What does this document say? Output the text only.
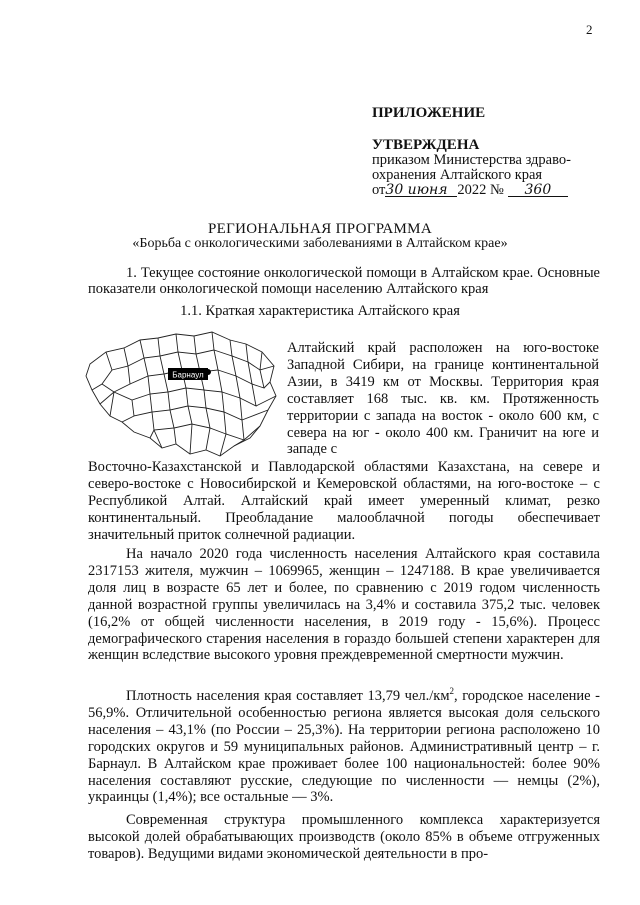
2
ПРИЛОЖЕНИЕ
УТВЕРЖДЕНА
приказом Министерства здраво-
охранения Алтайского края
от30 июня 2022 № 360
РЕГИОНАЛЬНАЯ ПРОГРАММА
«Борьба с онкологическими заболеваниями в Алтайском крае»
1. Текущее состояние онкологической помощи в Алтайском крае. Основные показатели онкологической помощи населению Алтайского края
1.1. Краткая характеристика Алтайского края
Барнаул

Алтайский край расположен на юго-востоке Западной Сибири, на границе континентальной Азии, в 3419 км от Москвы. Территория края составляет 168 тыс. кв. км. Протяженность территории с запада на восток - около 600 км, с севера на юг - около 400 км. Граничит на юге и западе с

Восточно-Казахстанской и Павлодарской областями Казахстана, на севере и северо-востоке с Новосибирской и Кемеровской областями, на юго-востоке – с Республикой Алтай. Алтайский край имеет умеренный климат, резко континентальный. Преобладание малооблачной погоды обеспечивает значительный приток солнечной радиации.

На начало 2020 года численность населения Алтайского края составила 2317153 жителя, мужчин – 1069965, женщин – 1247188. В крае увеличивается доля лиц в возрасте 65 лет и более, по сравнению с 2019 годом численность данной возрастной группы увеличилась на 3,4% и составила 375,2 тыс. человек (16,2% от общей численности населения, в 2019 году - 15,6%). Процесс демографического старения населения в гораздо большей степени характерен для женщин вследствие высокого уровня преждевременной смертности мужчин.

Плотность населения края составляет 13,79 $чел./км^2$, городское население - 56,9%. Отличительной особенностью региона является высокая доля сельского населения – 43,1% (по России – 25,3%). На территории региона расположено 10 городских округов и 59 муниципальных районов. Административный центр – г. Барнаул. В Алтайском крае проживает более 100 национальностей: более 90% населения составляют русские, следующие по численности — немцы (2%), украинцы (1,4%); все остальные — 3%.

Современная структура промышленного комплекса характеризуется высокой долей обрабатывающих производств (около 85% в объеме отгруженных товаров). Ведущими видами экономической деятельности в про-
